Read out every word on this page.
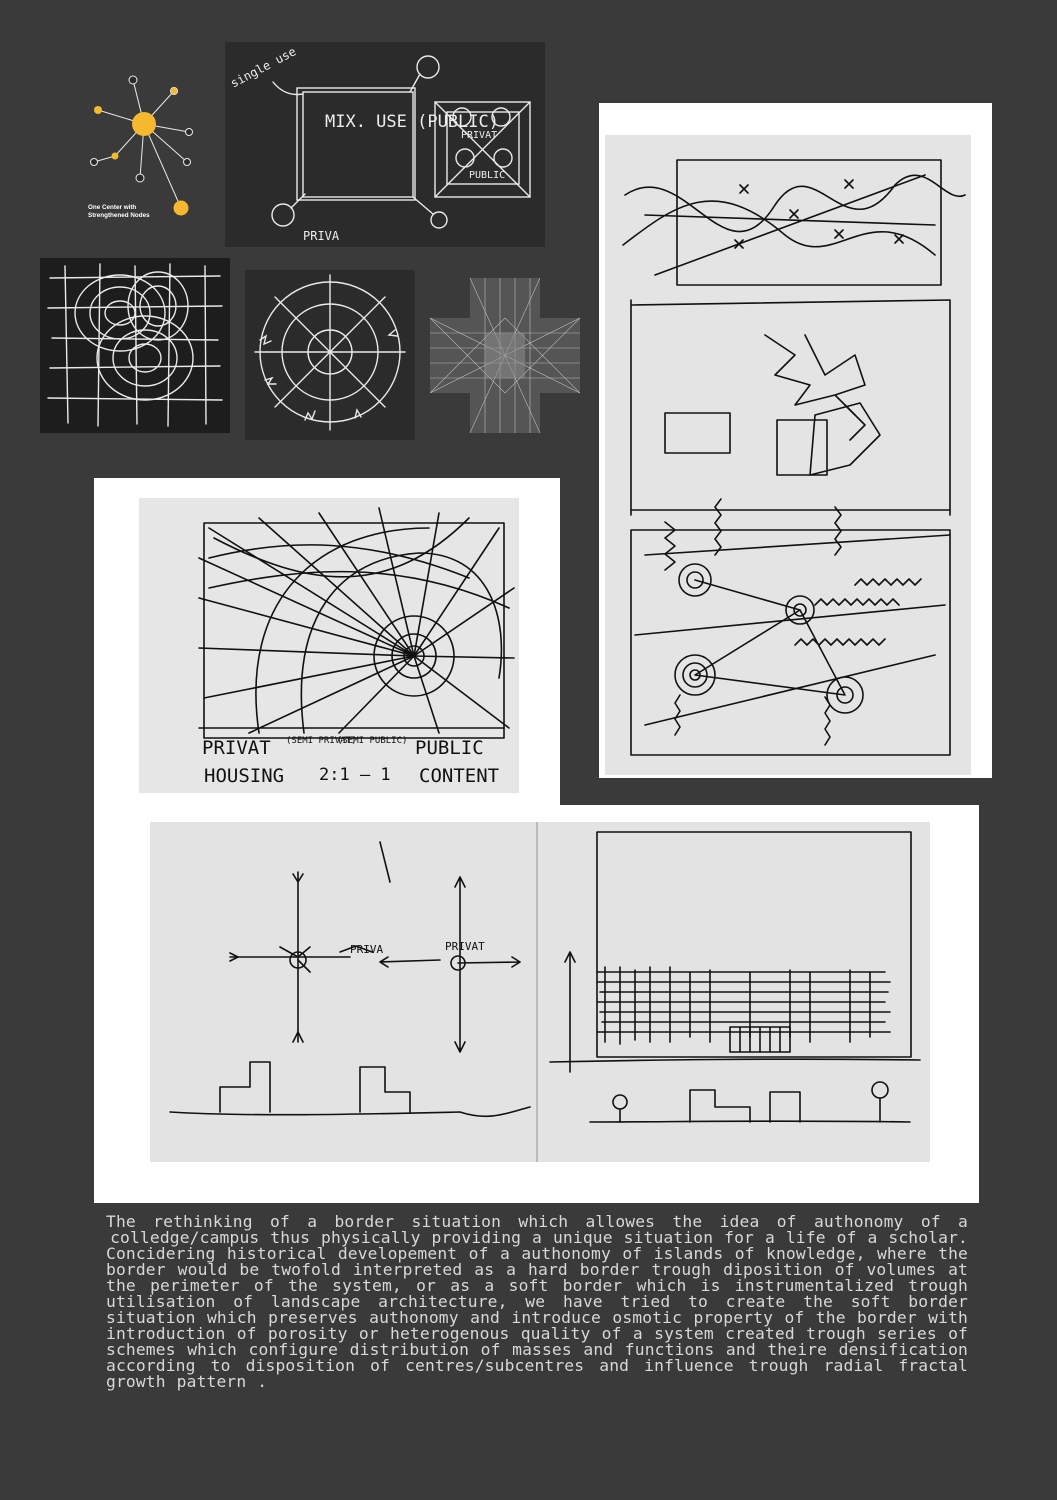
One Center with
Strengthened Nodes
MIX. USE (PUBLIC)
single use
PRIVA
PRIVAT
PUBLIC
PRIVAT (SEMI PRIVAT)
(SEMI PUBLIC) PUBLIC
HOUSING 2:1 — 1 CONTENT
PRIVA	PRIVAT

The rethinking of a border situation which allowes the idea of authonomy of a colledge/campus thus physically providing a unique situation for a life of a scholar.

Concidering historical developement of a authonomy of islands of knowledge, where the border would be twofold interpreted as a hard border trough diposition of volumes at the perimeter of the system, or as a soft border which is instrumentalized trough utilisation of landscape architecture, we have tried to create the soft border situation which preserves authonomy and introduce osmotic property of the border with introduction of porosity or heterogenous quality of a system created trough series of schemes which configure distribution of masses and functions and theire densification according to disposition of centres/subcentres and influence trough radial fractal growth pattern .
